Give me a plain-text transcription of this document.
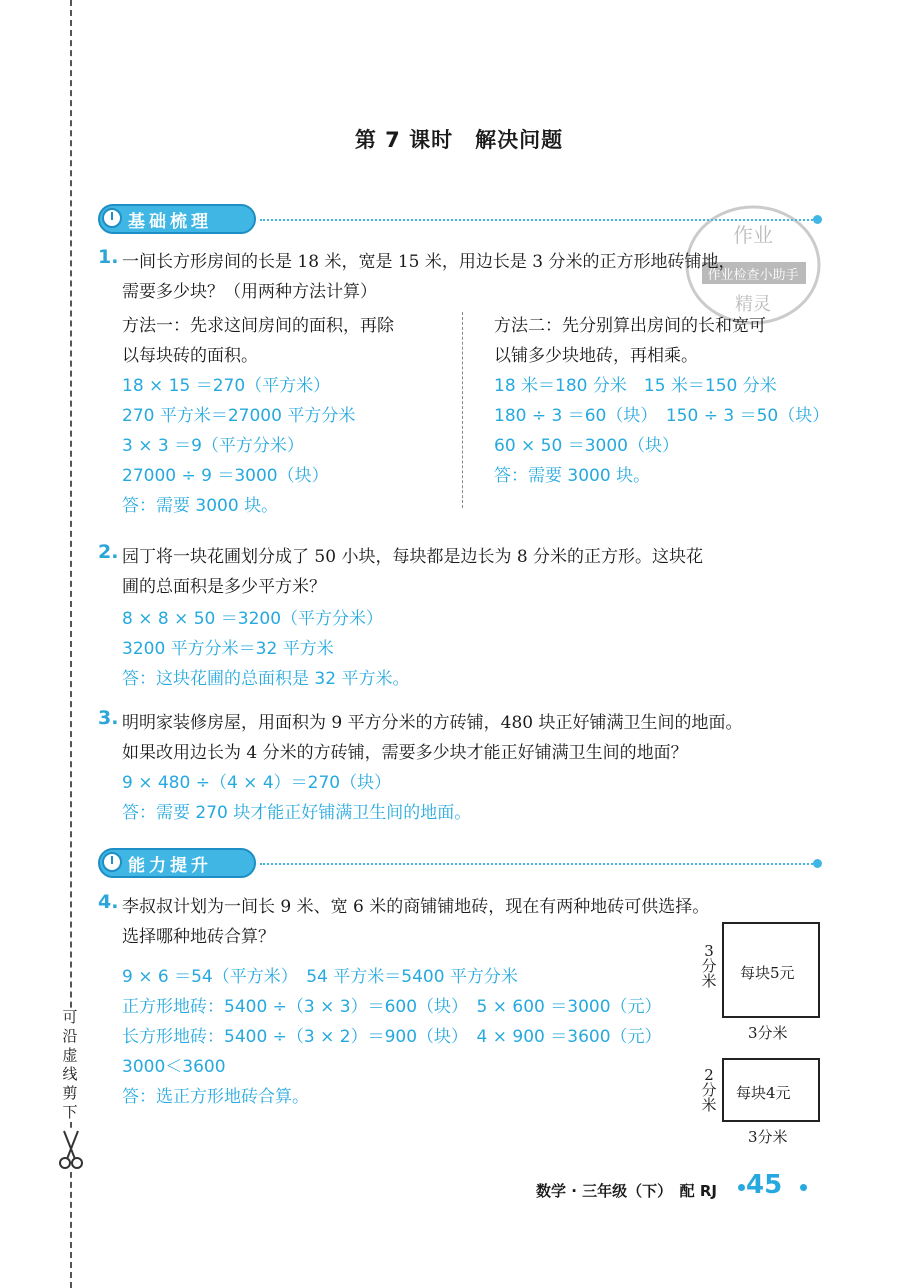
可沿虚线剪下
第 7 课时　解决问题
作业
作业检查小助手
精灵
基础梳理
1. 一间长方形房间的长是 18 米，宽是 15 米，用边长是 3 分米的正方形地砖铺地，
需要多少块？（用两种方法计算）
方法一：先求这间房间的面积，再除
以每块砖的面积。
18 × 15 ＝270（平方米）
270 平方米＝27000 平方分米
3 × 3 ＝9（平方分米）
27000 ÷ 9 ＝3000（块）
答：需要 3000 块。
方法二：先分别算出房间的长和宽可
以铺多少块地砖，再相乘。
18 米＝180 分米　15 米＝150 分米
180 ÷ 3 ＝60（块）　150 ÷ 3 ＝50（块）
60 × 50 ＝3000（块）
答：需要 3000 块。
2. 园丁将一块花圃划分成了 50 小块，每块都是边长为 8 分米的正方形。这块花
圃的总面积是多少平方米？
8 × 8 × 50 ＝3200（平方分米）
3200 平方分米＝32 平方米
答：这块花圃的总面积是 32 平方米。
3. 明明家装修房屋，用面积为 9 平方分米的方砖铺，480 块正好铺满卫生间的地面。
如果改用边长为 4 分米的方砖铺，需要多少块才能正好铺满卫生间的地面？
9 × 480 ÷（4 × 4）＝270（块）
答：需要 270 块才能正好铺满卫生间的地面。
能力提升
4. 李叔叔计划为一间长 9 米、宽 6 米的商铺铺地砖，现在有两种地砖可供选择。
选择哪种地砖合算？
9 × 6 ＝54（平方米）　54 平方米＝5400 平方分米
正方形地砖：5400 ÷（3 × 3）＝600（块）　5 × 600 ＝3000（元）
长方形地砖：5400 ÷（3 × 2）＝900（块）　4 × 900 ＝3600（元）
3000＜3600
答：选正方形地砖合算。
每块5元
3分米
3分米
每块4元
2分米
3分米
数学 · 三年级（下）　配 RJ 45
